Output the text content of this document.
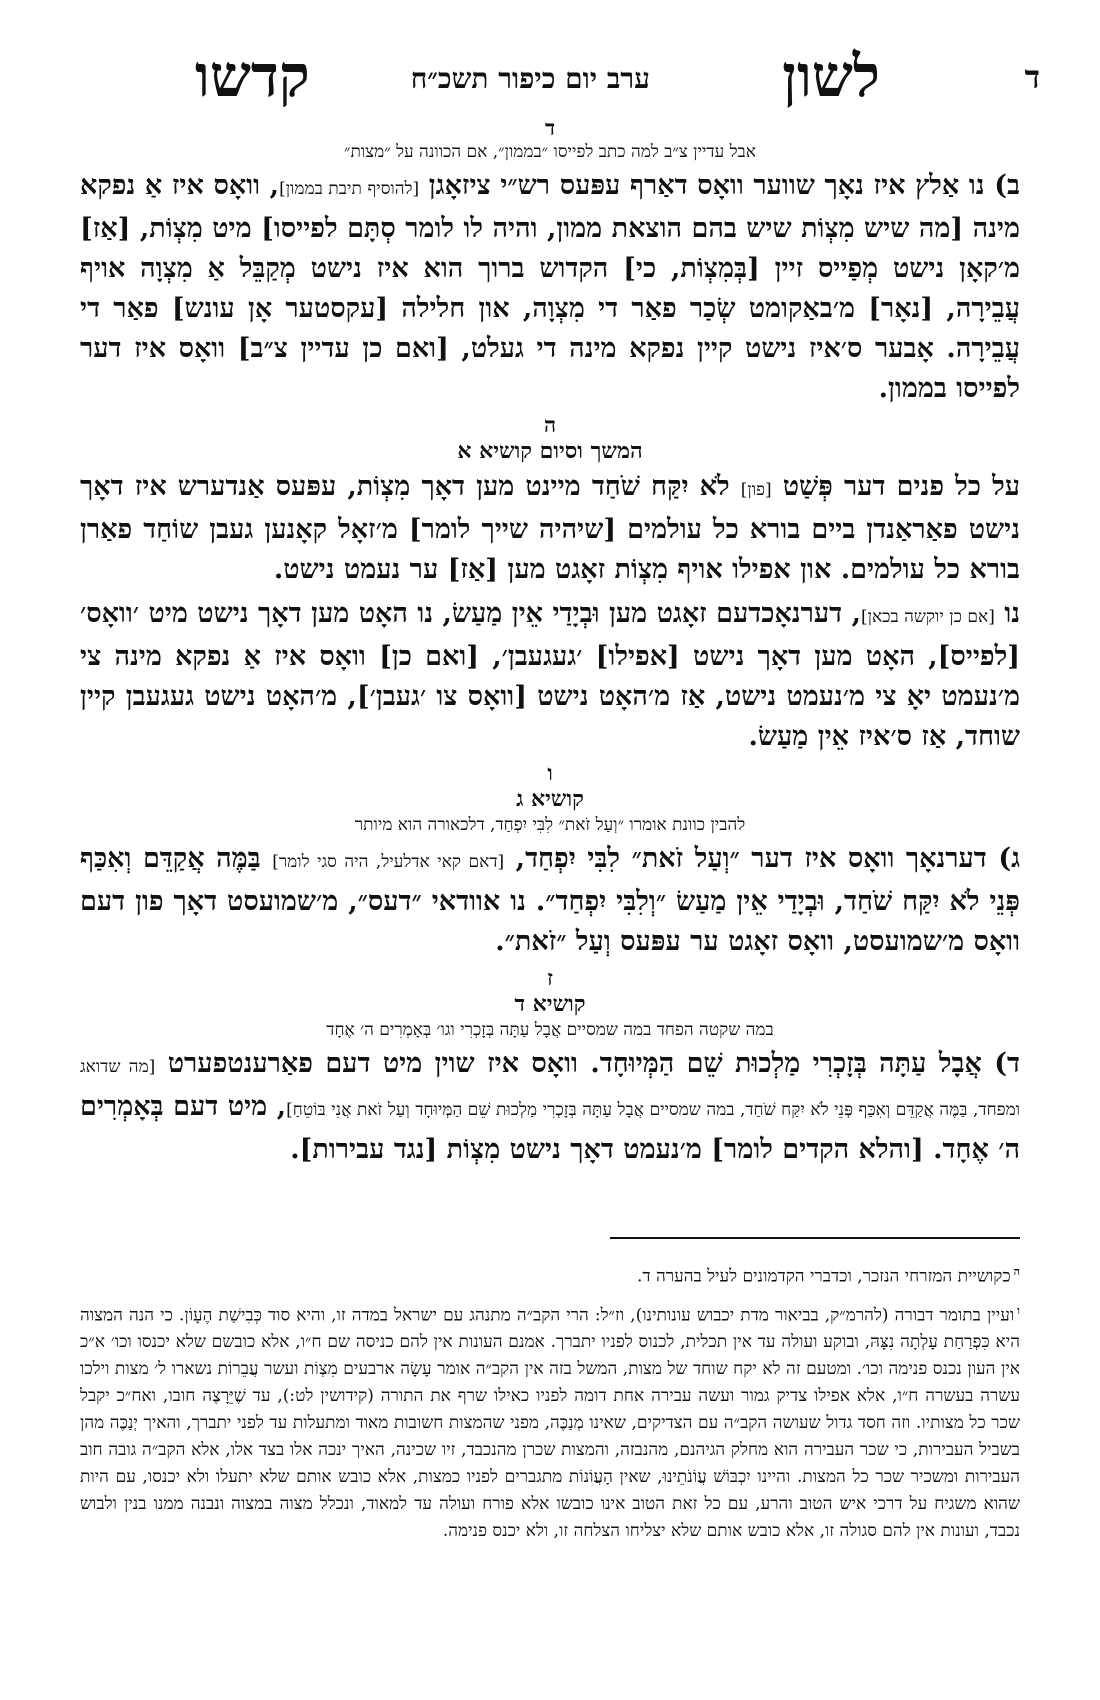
ד
לשון
ערב יום כיפור תשכ״ח
קדשו
ד
אבל עדיין צ״ב למה כתב לפייסו ״בממון״, אם הכוונה על ״מצות״

ב) נו אַלץ איז נאָך שווער וואָס דאַרף עפּעס רש״י ציזאָגן [להוסיף תיבת בממון], וואָס איז אַ נפקא מינה [מה שיש מִצְוֹת שיש בהם הוצאת ממון, והיה לו לומר סְתָּם לפייסו] מיט מִצְוֹת, [אַז] מ׳קאָן נישט מְפַייס זיין [בְּמִצְוֹת, כי] הקדוש ברוך הוא איז נישט מְקַבֵּל אַ מִצְוָה אויף עֲבֵירָה, [נאָר] מ׳באַקומט שְׂכַר פאַר די מִצְוָה, און חלילה [עקסטער אָן עונש] פאַר די עֲבֵירָה. אָבער ס׳איז נישט קיין נפקא מינה די געלט, [ואם כן עדיין צ״ב] וואָס איז דער לפייסו בממון.

ה
המשך וסיום קושיא א

על כל פנים דער פְּשַׁט [פון] לֹא יִקַּח שֹׁחַד מיינט מען דאָך מִצְוֹת, עפּעס אַנדערש איז דאָך נישט פאַראַנדן ביים בורא כל עולמים [שיהיה שייך לומר] מ׳זאָל קאָנען געבן שוֹחַד פאַרן בורא כל עולמים. און אפילו אויף מִצְוֹת זאָגט מען [אַז] ער נעמט נישט.

נו [אם כן יוקשה בכאן], דערנאָכדעם זאָגט מען וּבְיָדַי אֵין מַעַשׂ, נו האָט מען דאָך נישט מיט ׳וואָס׳ [לפייס], האָט מען דאָך נישט [אפילו] ׳געגעבן׳, [ואם כן] וואָס איז אַ נפקא מינה צי מ׳נעמט יאָ צי מ׳נעמט נישט, אַז מ׳האָט נישט [וואָס צו ׳געבן׳], מ׳האָט נישט געגעבן קיין שוחד, אַז ס׳איז אֵין מַעַשׂ.

ו
קושיא ג
להבין כוונת אומרו ״וְעַל זֹאת״ לִבִּי יִפְחַד, דלכאורה הוא מיותר

ג) דערנאָך וואָס איז דער ״וְעַל זֹאת״ לִבִּי יִפְחַד, [דאם קאי אדלעיל, היה סגי לומר] בַּמֶּה אֲקַדֵּם וְאִכַּף פְּנֵי לֹא יִקַּח שֹׁחַד, וּבְיָדַי אֵין מַעַשׂ ״וְלִבִּי יִפְחַד״. נו אוודאי ״דעס״, מ׳שמועסט דאָך פון דעם וואָס מ׳שמועסט, וואָס זאָגט ער עפּעס וְעַל ״זֹאת״.

ז
קושיא ד
במה שקטה הפחד במה שמסיים אֲבָל עַתָּה בְּזָכְרִי וגו׳ בְּאָמְרִים ה׳ אֶחָד

ד) אֲבָל עַתָּה בְּזָכְרִי מַלְכוּת שֵׁם הַמְּיוּחָד. וואָס איז שוין מיט דעם פאַרענטפערט [מה שדואג ומפחד, בַּמֶּה אֲקַדֵּם וְאִכַּף פְּנֵי לֹא יִקַּח שֹׁחַד, במה שמסיים אֲבָל עַתָּה בְּזָכְרִי מַלְכוּת שֵׁם הַמְּיוּחָד וְעַל זֹאת אֲנִי בּוֹטֵחַ], מיט דעם בְּאָמְרִים ה׳ אֶחָד. [והלא הקדים לומר] מ׳נעמט דאָך נישט מִצְוֹת [נגד עבירות].

$^ה$כקושיית המזרחי הנזכר, וכדברי הקדמונים לעיל בהערה ד.
$^ו$ועיין בתומר דבורה (להרמ״ק, בביאור מדת יכבוש עונותינו), וז״ל: הרי הקב״ה מתנהג עם ישראל במדה זו, והיא סוד כְּבִישַׁת הֶעָוֹן. כי הנה המצוה היא כִּפְרַחַת עָלְתָה נִצָּהּ, ובוקע ועולה עד אין תכלית, לכנוס לפניו יתברך. אמנם העונות אין להם כניסה שם ח״ו, אלא כובשם שלא יכנסו וכו׳ א״כ אין העון נכנס פנימה וכו׳. ומטעם זה לא יקח שוחד של מצות, המשל בזה אין הקב״ה אומר עָשָׂה ארבעים מִצְוֹת ועשר עֲבֵרוֹת נשארו ל׳ מצות וילכו עשרה בעשרה ח״ו, אלא אפילו צדיק גמור ועשה עבירה אחת דומה לפניו כאילו שרף את התורה (קידושין לט:), עד שֶׁיֵּרָצֶה חובו, ואח״כ יקבל שכר כל מצותיו. וזה חסד גדול שעושה הקב״ה עם הצדיקים, שאינו מְנַכֶּה, מפני שהמצות חשובות מאוד ומתעלות עד לפני יתברך, והאיך יְנַכֶּה מהן בשביל העבירות, כי שכר העבירה הוא מחלק הגיהנם, מהנבזה, והמצות שכרן מהנכבד, זיו שכינה, האיך ינכה אלו בצד אלו, אלא הקב״ה גובה חוב העבירות ומשכיר שכר כל המצות. והיינו יִכְבּוֹשׁ עֲוֹנֹתֵינוּ, שאין הָעֲוֹנוֹת מתגברים לפניו כמצות, אלא כובש אותם שלא יתעלו ולא יכנסו, עם היות שהוא משגיח על דרכי איש הטוב והרע, עם כל זאת הטוב אינו כובשו אלא פורח ועולה עד למאוד, ונכלל מצוה במצוה ונבנה ממנו בנין ולבוש נכבד, ועונות אין להם סגולה זו, אלא כובש אותם שלא יצליחו הצלחה זו, ולא יכנס פנימה.
